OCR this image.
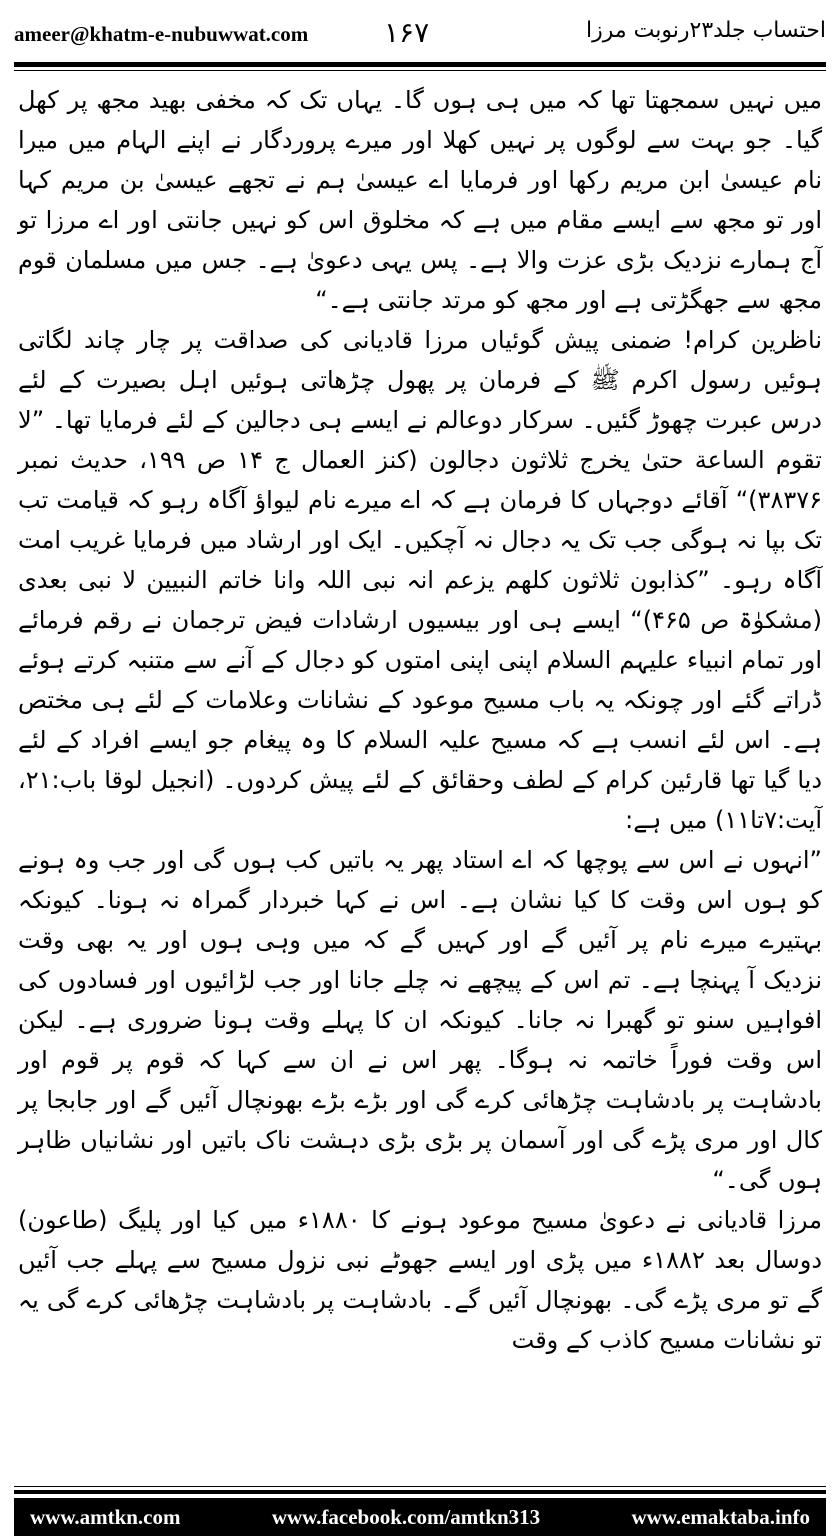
ameer@khatm-e-nubuwwat.com	۱۶۷	احتساب جلد۲۳رنوبت مرزا

میں نہیں سمجھتا تھا کہ میں ہی ہوں گا۔ یہاں تک کہ مخفی بھید مجھ پر کھل گیا۔ جو بہت سے لوگوں پر نہیں کھلا اور میرے پروردگار نے اپنے الہام میں میرا نام عیسیٰ ابن مریم رکھا اور فرمایا اے عیسیٰ ہم نے تجھے عیسیٰ بن مریم کہا اور تو مجھ سے ایسے مقام میں ہے کہ مخلوق اس کو نہیں جانتی اور اے مرزا تو آج ہمارے نزدیک بڑی عزت والا ہے۔ پس یہی دعویٰ ہے۔ جس میں مسلمان قوم مجھ سے جھگڑتی ہے اور مجھ کو مرتد جانتی ہے۔“

ناظرین کرام! ضمنی پیش گوئیاں مرزا قادیانی کی صداقت پر چار چاند لگاتی ہوئیں رسول اکرم ﷺ کے فرمان پر پھول چڑھاتی ہوئیں اہل بصیرت کے لئے درس عبرت چھوڑ گئیں۔ سرکار دوعالم نے ایسے ہی دجالین کے لئے فرمایا تھا۔ ”لا تقوم الساعة حتیٰ یخرج ثلاثون دجالون (کنز العمال ج ۱۴ ص ۱۹۹، حدیث نمبر ۳۸۳۷۶)“ آقائے دوجہاں کا فرمان ہے کہ اے میرے نام لیواؤ آگاہ رہو کہ قیامت تب تک بپا نہ ہوگی جب تک یہ دجال نہ آچکیں۔ ایک اور ارشاد میں فرمایا غریب امت آگاہ رہو۔ ”کذابون ثلاثون کلھم یزعم انہ نبی اللہ وانا خاتم النبیین لا نبی بعدی (مشکوٰۃ ص ۴۶۵)“ ایسے ہی اور بیسیوں ارشادات فیض ترجمان نے رقم فرمائے اور تمام انبیاء علیہم السلام اپنی اپنی امتوں کو دجال کے آنے سے متنبہ کرتے ہوئے ڈراتے گئے اور چونکہ یہ باب مسیح موعود کے نشانات وعلامات کے لئے ہی مختص ہے۔ اس لئے انسب ہے کہ مسیح علیہ السلام کا وہ پیغام جو ایسے افراد کے لئے دیا گیا تھا قارئین کرام کے لطف وحقائق کے لئے پیش کردوں۔ (انجیل لوقا باب:۲۱، آیت:۷تا۱۱) میں ہے:

”انہوں نے اس سے پوچھا کہ اے استاد پھر یہ باتیں کب ہوں گی اور جب وہ ہونے کو ہوں اس وقت کا کیا نشان ہے۔ اس نے کہا خبردار گمراہ نہ ہونا۔ کیونکہ بہتیرے میرے نام پر آئیں گے اور کہیں گے کہ میں وہی ہوں اور یہ بھی وقت نزدیک آ پہنچا ہے۔ تم اس کے پیچھے نہ چلے جانا اور جب لڑائیوں اور فسادوں کی افواہیں سنو تو گھبرا نہ جانا۔ کیونکہ ان کا پہلے وقت ہونا ضروری ہے۔ لیکن اس وقت فوراً خاتمہ نہ ہوگا۔ پھر اس نے ان سے کہا کہ قوم پر قوم اور بادشاہت پر بادشاہت چڑھائی کرے گی اور بڑے بڑے بھونچال آئیں گے اور جابجا پر کال اور مری پڑے گی اور آسمان پر بڑی بڑی دہشت ناک باتیں اور نشانیاں ظاہر ہوں گی۔“

مرزا قادیانی نے دعویٰ مسیح موعود ہونے کا ۱۸۸۰ء میں کیا اور پلیگ (طاعون) دوسال بعد ۱۸۸۲ء میں پڑی اور ایسے جھوٹے نبی نزول مسیح سے پہلے جب آئیں گے تو مری پڑے گی۔ بھونچال آئیں گے۔ بادشاہت پر بادشاہت چڑھائی کرے گی یہ تو نشانات مسیح کاذب کے وقت

www.amtkn.com	www.facebook.com/amtkn313	www.emaktaba.info
